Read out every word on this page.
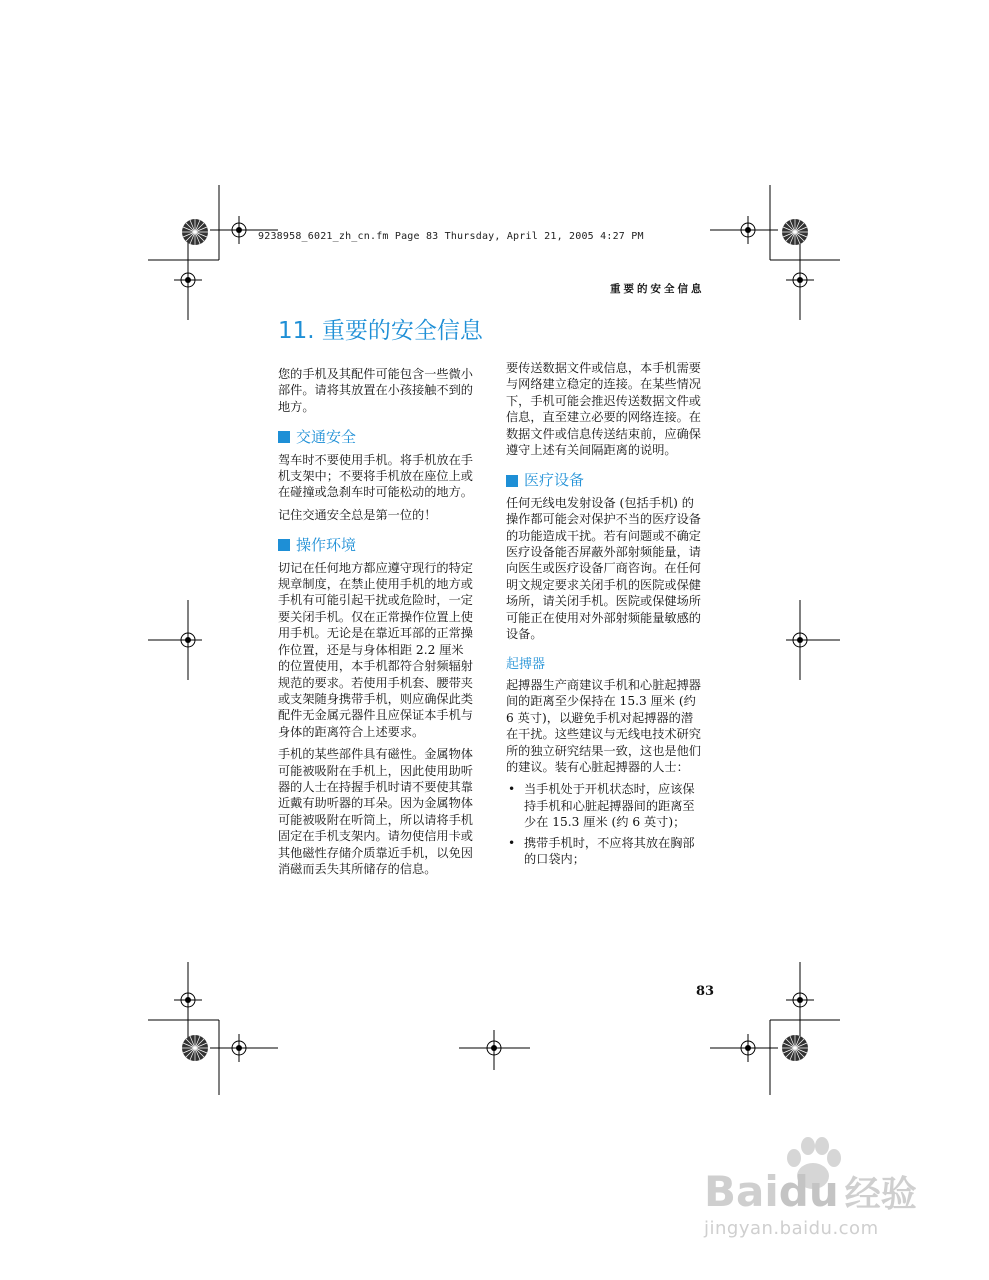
9238958_6021_zh_cn.fm Page 83 Thursday, April 21, 2005 4:27 PM
重要的安全信息
11. 重要的安全信息

您的手机及其配件可能包含一些微小部件。请将其放置在小孩接触不到的地方。

交通安全

驾车时不要使用手机。将手机放在手机支架中；不要将手机放在座位上或在碰撞或急刹车时可能松动的地方。

记住交通安全总是第一位的！

操作环境

切记在任何地方都应遵守现行的特定规章制度，在禁止使用手机的地方或手机有可能引起干扰或危险时，一定要关闭手机。仅在正常操作位置上使用手机。无论是在靠近耳部的正常操作位置，还是与身体相距 2.2 厘米的位置使用，本手机都符合射频辐射规范的要求。若使用手机套、腰带夹或支架随身携带手机，则应确保此类配件无金属元器件且应保证本手机与身体的距离符合上述要求。

手机的某些部件具有磁性。金属物体可能被吸附在手机上，因此使用助听器的人士在持握手机时请不要使其靠近戴有助听器的耳朵。因为金属物体可能被吸附在听筒上，所以请将手机固定在手机支架内。请勿使信用卡或其他磁性存储介质靠近手机，以免因消磁而丢失其所储存的信息。

要传送数据文件或信息，本手机需要与网络建立稳定的连接。在某些情况下，手机可能会推迟传送数据文件或信息，直至建立必要的网络连接。在数据文件或信息传送结束前，应确保遵守上述有关间隔距离的说明。

医疗设备

任何无线电发射设备 (包括手机) 的操作都可能会对保护不当的医疗设备的功能造成干扰。若有问题或不确定医疗设备能否屏蔽外部射频能量，请向医生或医疗设备厂商咨询。在任何明文规定要求关闭手机的医院或保健场所，请关闭手机。医院或保健场所可能正在使用对外部射频能量敏感的设备。

起搏器

起搏器生产商建议手机和心脏起搏器间的距离至少保持在 15.3 厘米 (约 6 英寸)，以避免手机对起搏器的潜在干扰。这些建议与无线电技术研究所的独立研究结果一致，这也是他们的建议。装有心脏起搏器的人士：

• 当手机处于开机状态时，应该保持手机和心脏起搏器间的距离至少在 15.3 厘米 (约 6 英寸)；
• 携带手机时，不应将其放在胸部的口袋内；
83
Baidu 经验
jingyan.baidu.com
